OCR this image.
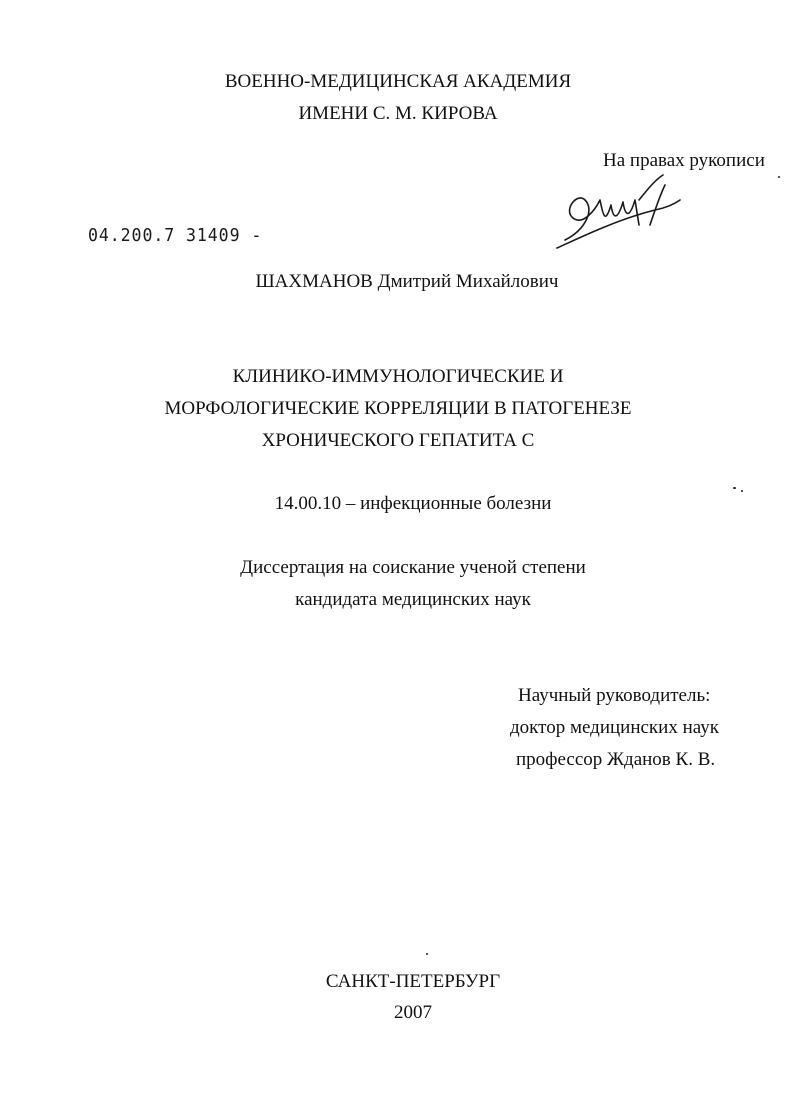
ВОЕННО-МЕДИЦИНСКАЯ АКАДЕМИЯ
ИМЕНИ С. М. КИРОВА
На правах рукописи
04.200.7 31409 -
ШАХМАНОВ Дмитрий Михайлович
КЛИНИКО-ИММУНОЛОГИЧЕСКИЕ И
МОРФОЛОГИЧЕСКИЕ КОРРЕЛЯЦИИ В ПАТОГЕНЕЗЕ
ХРОНИЧЕСКОГО ГЕПАТИТА С
14.00.10 – инфекционные болезни
Диссертация на соискание ученой степени
кандидата медицинских наук
Научный руководитель:
доктор медицинских наук
профессор Жданов К. В.
САНКТ-ПЕТЕРБУРГ
2007
